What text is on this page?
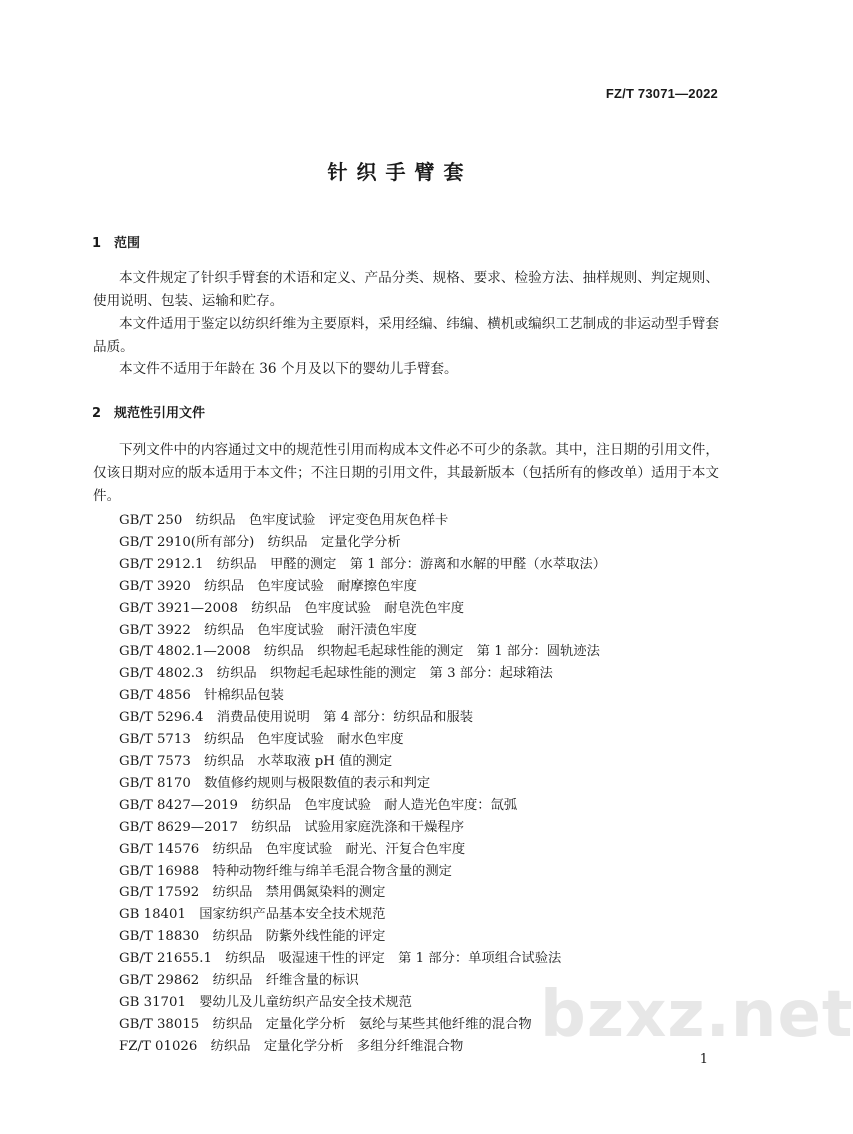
FZ/T 73071—2022
针织手臂套
1 范围
本文件规定了针织手臂套的术语和定义、产品分类、规格、要求、检验方法、抽样规则、判定规则、使用说明、包装、运输和贮存。
本文件适用于鉴定以纺织纤维为主要原料，采用经编、纬编、横机或编织工艺制成的非运动型手臂套品质。
本文件不适用于年龄在 36 个月及以下的婴幼儿手臂套。
2 规范性引用文件
下列文件中的内容通过文中的规范性引用而构成本文件必不可少的条款。其中，注日期的引用文件，仅该日期对应的版本适用于本文件；不注日期的引用文件，其最新版本（包括所有的修改单）适用于本文件。
GB/T 250　纺织品　色牢度试验　评定变色用灰色样卡
GB/T 2910(所有部分)　纺织品　定量化学分析
GB/T 2912.1　纺织品　甲醛的测定　第 1 部分：游离和水解的甲醛（水萃取法）
GB/T 3920　纺织品　色牢度试验　耐摩擦色牢度
GB/T 3921—2008　纺织品　色牢度试验　耐皂洗色牢度
GB/T 3922　纺织品　色牢度试验　耐汗渍色牢度
GB/T 4802.1—2008　纺织品　织物起毛起球性能的测定　第 1 部分：圆轨迹法
GB/T 4802.3　纺织品　织物起毛起球性能的测定　第 3 部分：起球箱法
GB/T 4856　针棉织品包装
GB/T 5296.4　消费品使用说明　第 4 部分：纺织品和服装
GB/T 5713　纺织品　色牢度试验　耐水色牢度
GB/T 7573　纺织品　水萃取液 pH 值的测定
GB/T 8170　数值修约规则与极限数值的表示和判定
GB/T 8427—2019　纺织品　色牢度试验　耐人造光色牢度：氙弧
GB/T 8629—2017　纺织品　试验用家庭洗涤和干燥程序
GB/T 14576　纺织品　色牢度试验　耐光、汗复合色牢度
GB/T 16988　特种动物纤维与绵羊毛混合物含量的测定
GB/T 17592　纺织品　禁用偶氮染料的测定
GB 18401　国家纺织产品基本安全技术规范
GB/T 18830　纺织品　防紫外线性能的评定
GB/T 21655.1　纺织品　吸湿速干性的评定　第 1 部分：单项组合试验法
GB/T 29862　纺织品　纤维含量的标识
GB 31701　婴幼儿及儿童纺织产品安全技术规范
GB/T 38015　纺织品　定量化学分析　氨纶与某些其他纤维的混合物
FZ/T 01026　纺织品　定量化学分析　多组分纤维混合物	bzxz.net
1
